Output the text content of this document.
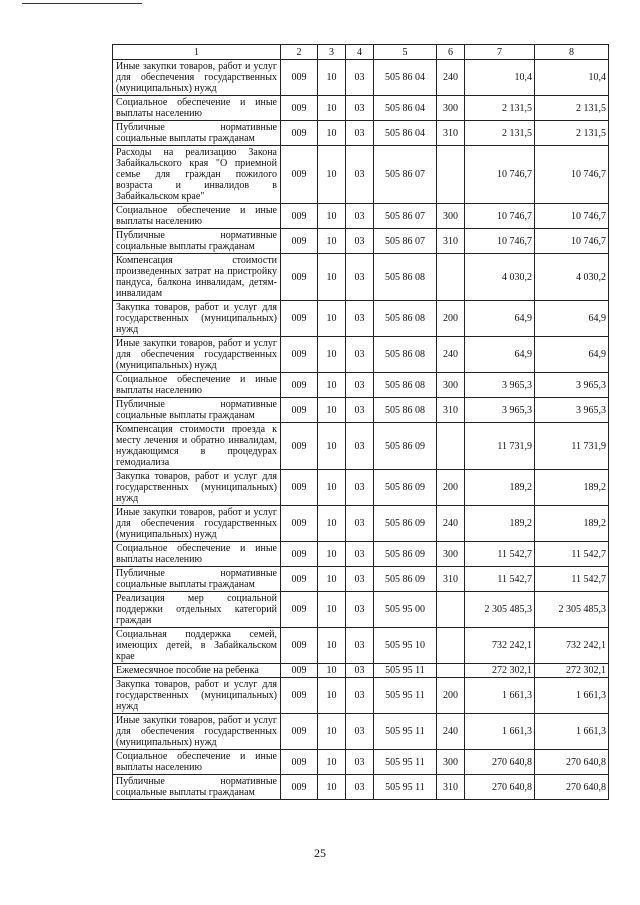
1	2	3	4	5	6	7	8
Иные закупки товаров, работ и услуг для обеспечения государственных (муниципальных) нужд	009	10	03	505 86 04	240	10,4	10,4
Социальное обеспечение и иные выплаты населению	009	10	03	505 86 04	300	2 131,5	2 131,5
Публичные нормативные социальные выплаты гражданам	009	10	03	505 86 04	310	2 131,5	2 131,5
Расходы на реализацию Закона Забайкальского края "О приемной семье для граждан пожилого возраста и инвалидов в Забайкальском крае"	009	10	03	505 86 07		10 746,7	10 746,7
Социальное обеспечение и иные выплаты населению	009	10	03	505 86 07	300	10 746,7	10 746,7
Публичные нормативные социальные выплаты гражданам	009	10	03	505 86 07	310	10 746,7	10 746,7
Компенсация стоимости произведенных затрат на пристройку пандуса, балкона инвалидам, детям-инвалидам	009	10	03	505 86 08		4 030,2	4 030,2
Закупка товаров, работ и услуг для государственных (муниципальных) нужд	009	10	03	505 86 08	200	64,9	64,9
Иные закупки товаров, работ и услуг для обеспечения государственных (муниципальных) нужд	009	10	03	505 86 08	240	64,9	64,9
Социальное обеспечение и иные выплаты населению	009	10	03	505 86 08	300	3 965,3	3 965,3
Публичные нормативные социальные выплаты гражданам	009	10	03	505 86 08	310	3 965,3	3 965,3
Компенсация стоимости проезда к месту лечения и обратно инвалидам, нуждающимся в процедурах гемодиализа	009	10	03	505 86 09		11 731,9	11 731,9
Закупка товаров, работ и услуг для государственных (муниципальных) нужд	009	10	03	505 86 09	200	189,2	189,2
Иные закупки товаров, работ и услуг для обеспечения государственных (муниципальных) нужд	009	10	03	505 86 09	240	189,2	189,2
Социальное обеспечение и иные выплаты населению	009	10	03	505 86 09	300	11 542,7	11 542,7
Публичные нормативные социальные выплаты гражданам	009	10	03	505 86 09	310	11 542,7	11 542,7
Реализация мер социальной поддержки отдельных категорий граждан	009	10	03	505 95 00		2 305 485,3	2 305 485,3
Социальная поддержка семей, имеющих детей, в Забайкальском крае	009	10	03	505 95 10		732 242,1	732 242,1
Ежемесячное пособие на ребенка	009	10	03	505 95 11		272 302,1	272 302,1
Закупка товаров, работ и услуг для государственных (муниципальных) нужд	009	10	03	505 95 11	200	1 661,3	1 661,3
Иные закупки товаров, работ и услуг для обеспечения государственных (муниципальных) нужд	009	10	03	505 95 11	240	1 661,3	1 661,3
Социальное обеспечение и иные выплаты населению	009	10	03	505 95 11	300	270 640,8	270 640,8
Публичные нормативные социальные выплаты гражданам	009	10	03	505 95 11	310	270 640,8	270 640,8
25
